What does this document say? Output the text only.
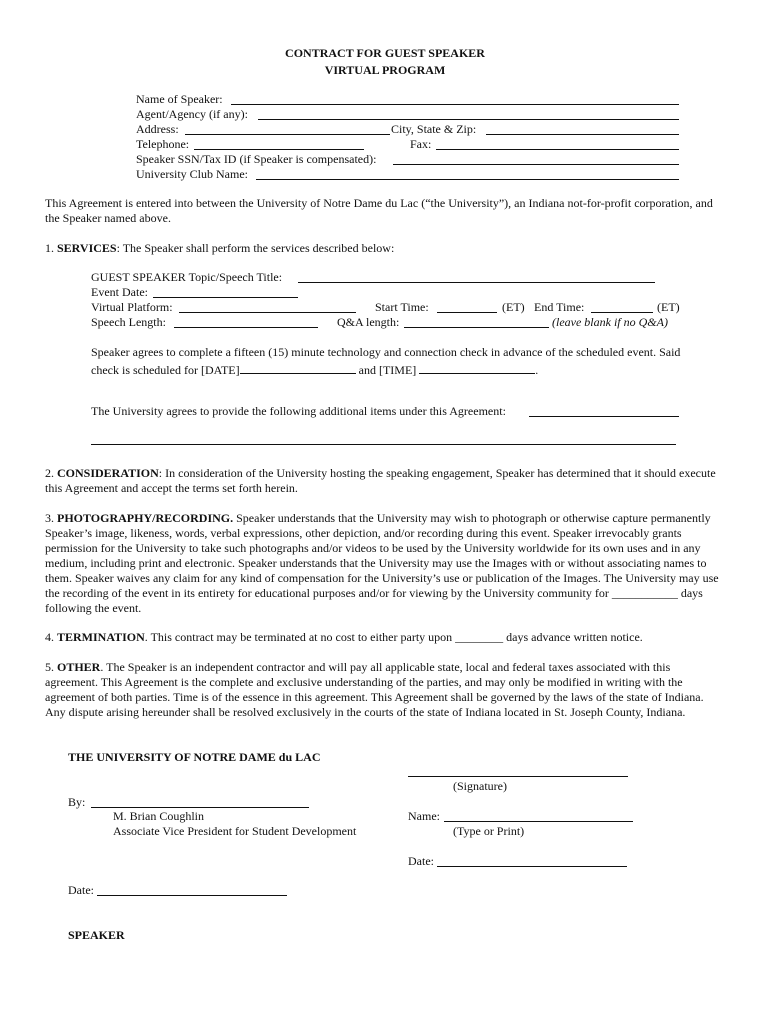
CONTRACT FOR GUEST SPEAKER
VIRTUAL PROGRAM
Name of Speaker:
Agent/Agency (if any):
Address:	City, State & Zip:
Telephone:	Fax:
Speaker SSN/Tax ID (if Speaker is compensated):
University Club Name:
This Agreement is entered into between the University of Notre Dame du Lac (“the University”), an Indiana not-for-profit corporation, and the Speaker named above.
1. SERVICES: The Speaker shall perform the services described below:
GUEST SPEAKER Topic/Speech Title:
Event Date:
Virtual Platform:	Start Time:	(ET) End Time:	(ET)
Speech Length:	Q&A length:	(leave blank if no Q&A)
Speaker agrees to complete a fifteen (15) minute technology and connection check in advance of the scheduled event. Said check is scheduled for [DATE]	and [TIME]	.
The University agrees to provide the following additional items under this Agreement:
2. CONSIDERATION: In consideration of the University hosting the speaking engagement, Speaker has determined that it should execute this Agreement and accept the terms set forth herein.
3. PHOTOGRAPHY/RECORDING. Speaker understands that the University may wish to photograph or otherwise capture permanently Speaker’s image, likeness, words, verbal expressions, other depiction, and/or recording during this event. Speaker irrevocably grants permission for the University to take such photographs and/or videos to be used by the University worldwide for its own uses and in any medium, including print and electronic. Speaker understands that the University may use the Images with or without associating names to them. Speaker waives any claim for any kind of compensation for the University’s use or publication of the Images. The University may use the recording of the event in its entirety for educational purposes and/or for viewing by the University community for ___________ days following the event.
4. TERMINATION. This contract may be terminated at no cost to either party upon ________ days advance written notice.
5. OTHER. The Speaker is an independent contractor and will pay all applicable state, local and federal taxes associated with this agreement. This Agreement is the complete and exclusive understanding of the parties, and may only be modified in writing with the agreement of both parties. Time is of the essence in this agreement. This Agreement shall be governed by the laws of the state of Indiana. Any dispute arising hereunder shall be resolved exclusively in the courts of the state of Indiana located in St. Joseph County, Indiana.
THE UNIVERSITY OF NOTRE DAME du LAC
(Signature)
By:
M. Brian Coughlin
Associate Vice President for Student Development
Name:
(Type or Print)
Date:
Date:
SPEAKER
